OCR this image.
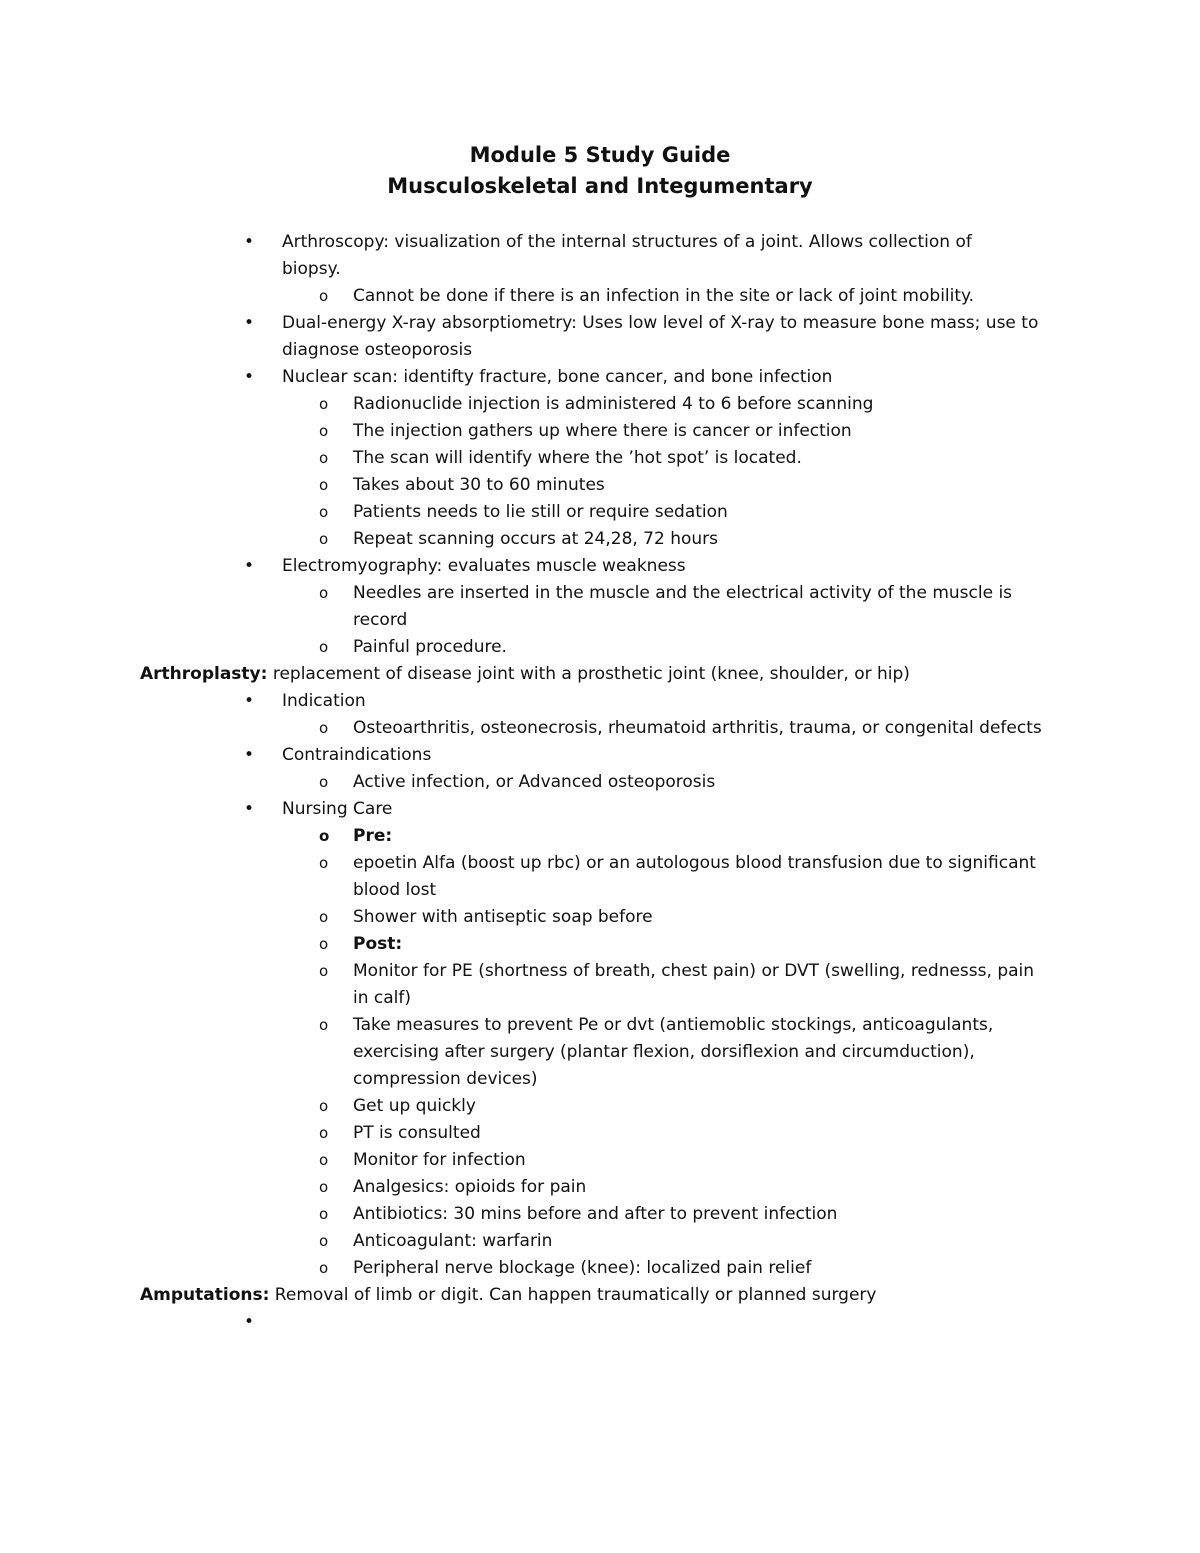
Module 5 Study Guide
Musculoskeletal and Integumentary
• Arthroscopy: visualization of the internal structures of a joint. Allows collection of
biopsy.
o Cannot be done if there is an infection in the site or lack of joint mobility.
• Dual-energy X-ray absorptiometry: Uses low level of X-ray to measure bone mass; use to
diagnose osteoporosis
• Nuclear scan: identifty fracture, bone cancer, and bone infection
o Radionuclide injection is administered 4 to 6 before scanning
o The injection gathers up where there is cancer or infection
o The scan will identify where the ’hot spot’ is located.
o Takes about 30 to 60 minutes
o Patients needs to lie still or require sedation
o Repeat scanning occurs at 24,28, 72 hours
• Electromyography: evaluates muscle weakness
o Needles are inserted in the muscle and the electrical activity of the muscle is
record
o Painful procedure.
Arthroplasty: replacement of disease joint with a prosthetic joint (knee, shoulder, or hip)
• Indication
o Osteoarthritis, osteonecrosis, rheumatoid arthritis, trauma, or congenital defects
• Contraindications
o Active infection, or Advanced osteoporosis
• Nursing Care
o Pre:
o epoetin Alfa (boost up rbc) or an autologous blood transfusion due to significant
blood lost
o Shower with antiseptic soap before
o Post:
o Monitor for PE (shortness of breath, chest pain) or DVT (swelling, rednesss, pain
in calf)
o Take measures to prevent Pe or dvt (antiemoblic stockings, anticoagulants,
exercising after surgery (plantar flexion, dorsiflexion and circumduction),
compression devices)
o Get up quickly
o PT is consulted
o Monitor for infection
o Analgesics: opioids for pain
o Antibiotics: 30 mins before and after to prevent infection
o Anticoagulant: warfarin
o Peripheral nerve blockage (knee): localized pain relief
Amputations: Removal of limb or digit. Can happen traumatically or planned surgery
•
